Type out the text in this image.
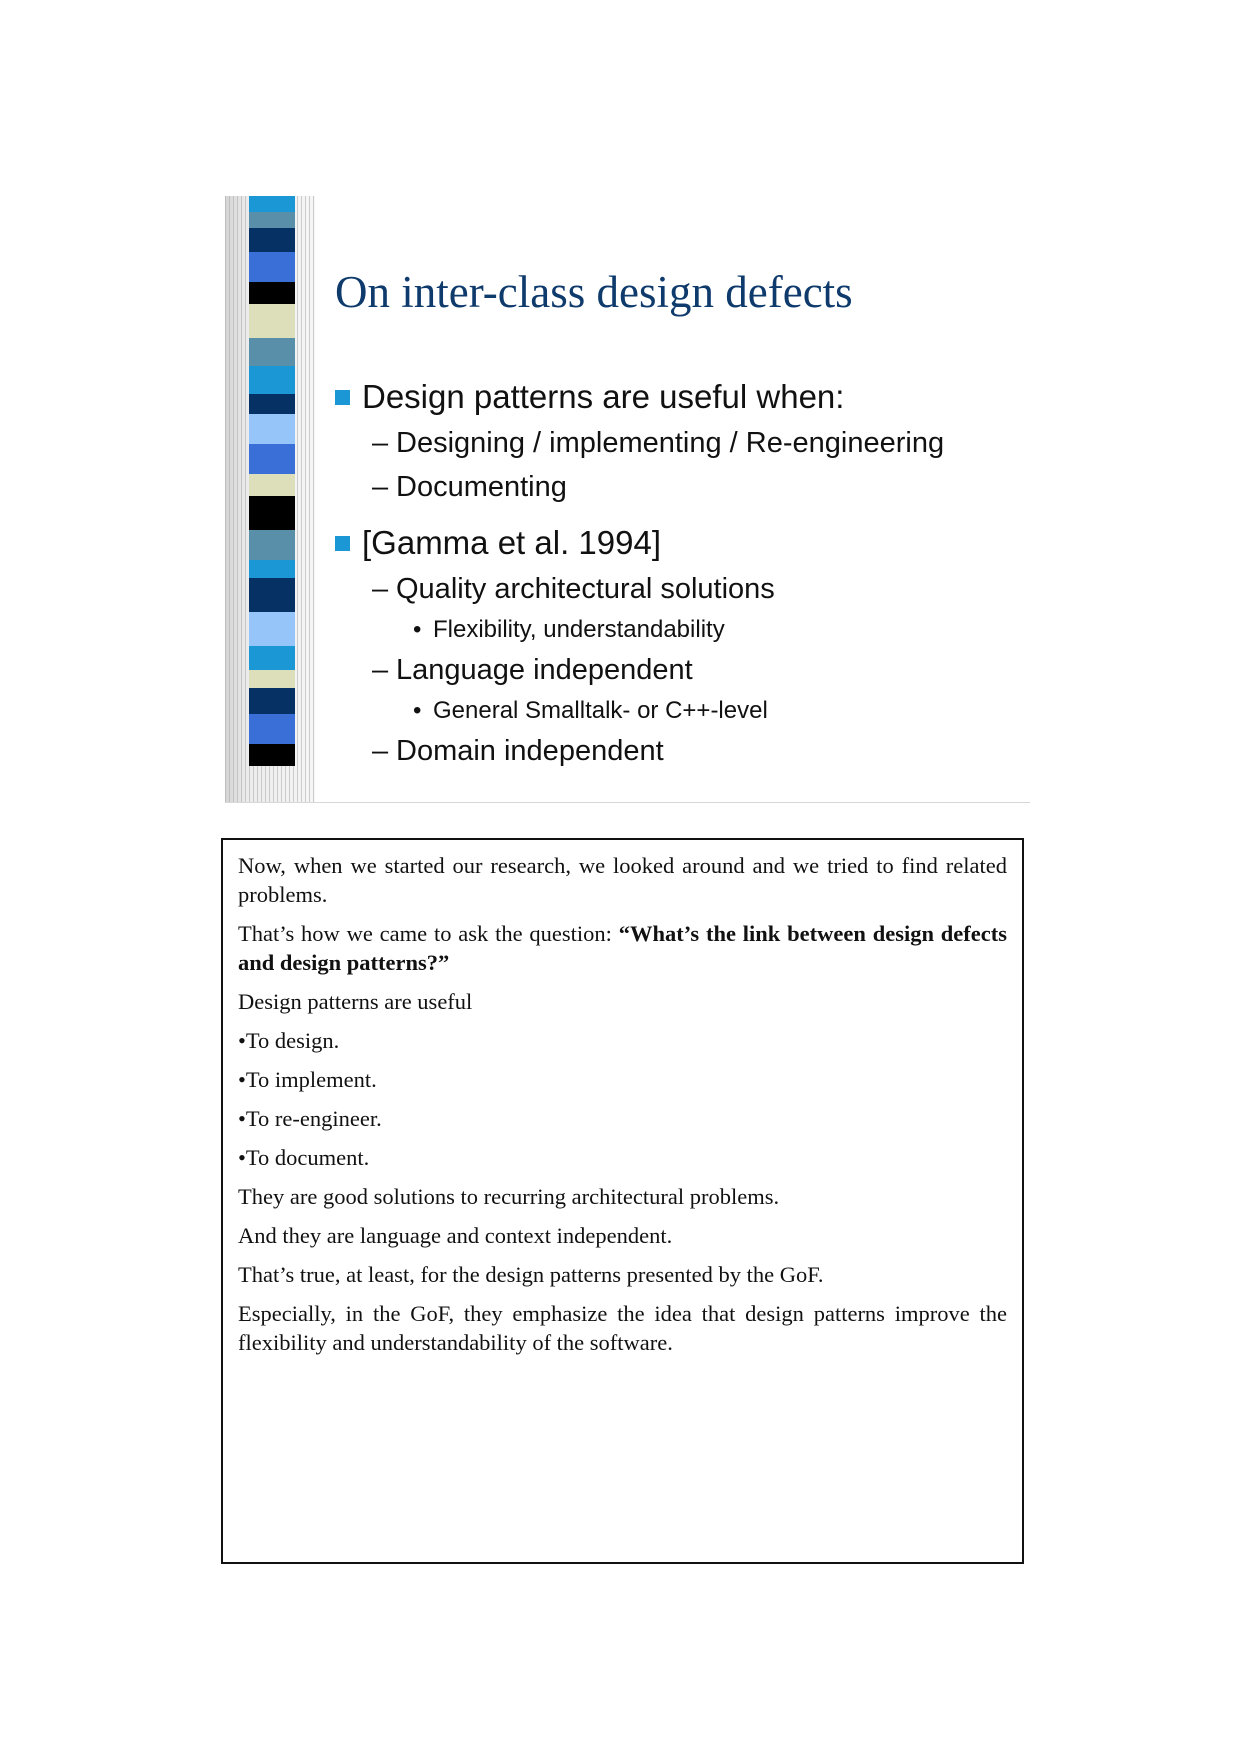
On inter-class design defects
Design patterns are useful when:
– Designing / implementing / Re-engineering
– Documenting
[Gamma et al. 1994]
– Quality architectural solutions
• Flexibility, understandability
– Language independent
• General Smalltalk- or C++-level
– Domain independent

Now, when we started our research, we looked around and we tried to find related problems.

That’s how we came to ask the question: “What’s the link between design defects and design patterns?”

Design patterns are useful

•To design.

•To implement.

•To re-engineer.

•To document.

They are good solutions to recurring architectural problems.

And they are language and context independent.

That’s true, at least, for the design patterns presented by the GoF.

Especially, in the GoF, they emphasize the idea that design patterns improve the flexibility and understandability of the software.
